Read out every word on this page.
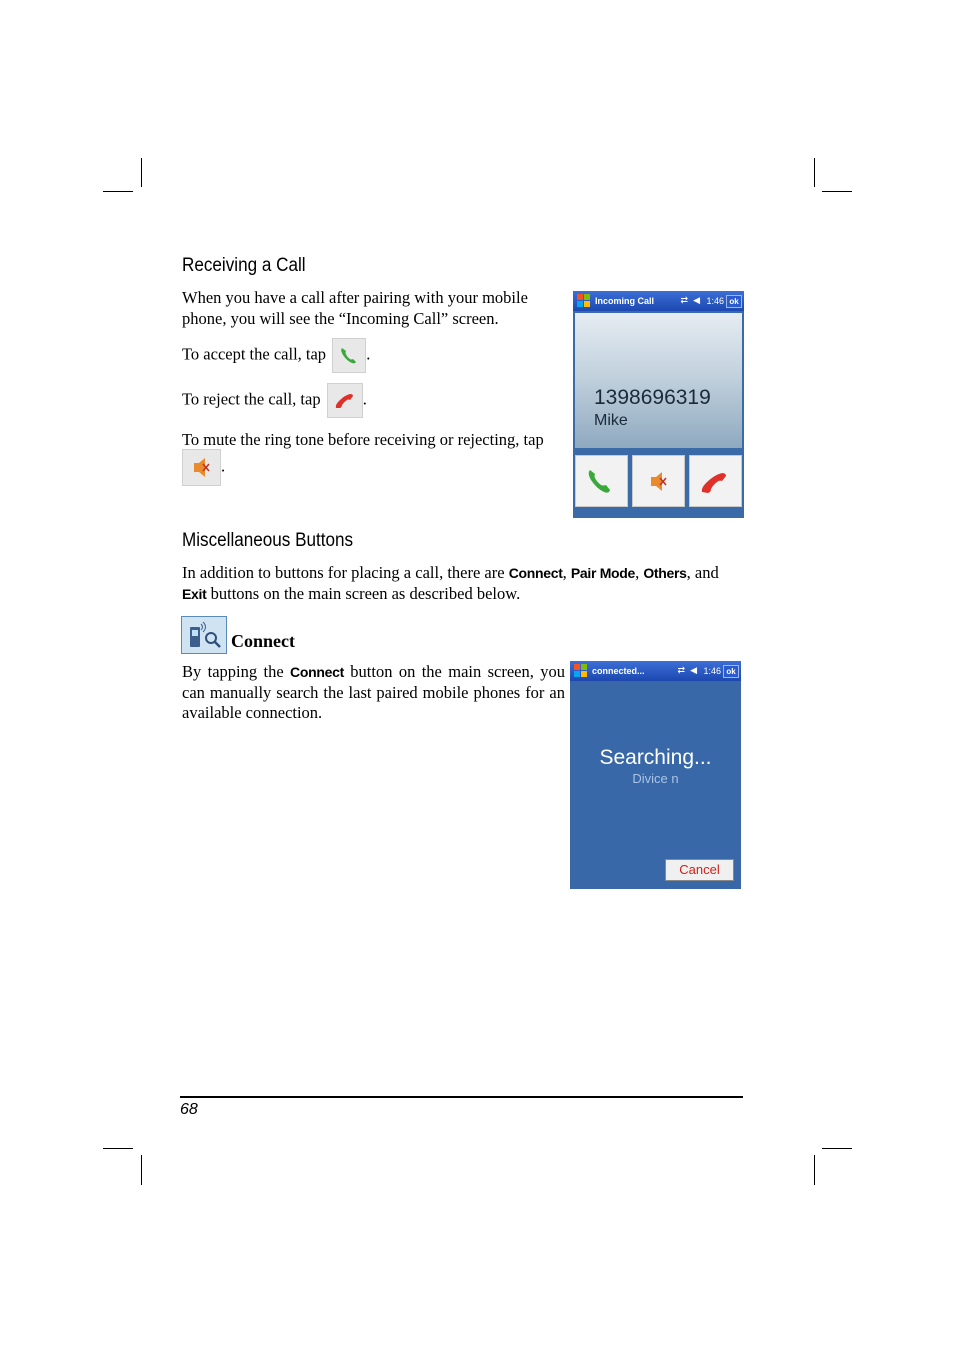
Receiving a Call
When you have a call after pairing with your mobile phone, you will see the “Incoming Call” screen.
To accept the call, tap .
To reject the call, tap	.
To mute the ring tone before receiving or rejecting, tap
.
Incoming Call	⇄ ◀ 1:46 ok
1398696319
Mike
Miscellaneous Buttons
In addition to buttons for placing a call, there are Connect, Pair Mode, Others, and
Exit buttons on the main screen as described below.
Connect
By tapping the Connect button on the main screen, you can manually search the last paired mobile phones for an available connection.
connected...	⇄ ◀ 1:46 ok
Searching...
Divice n
Cancel
68
